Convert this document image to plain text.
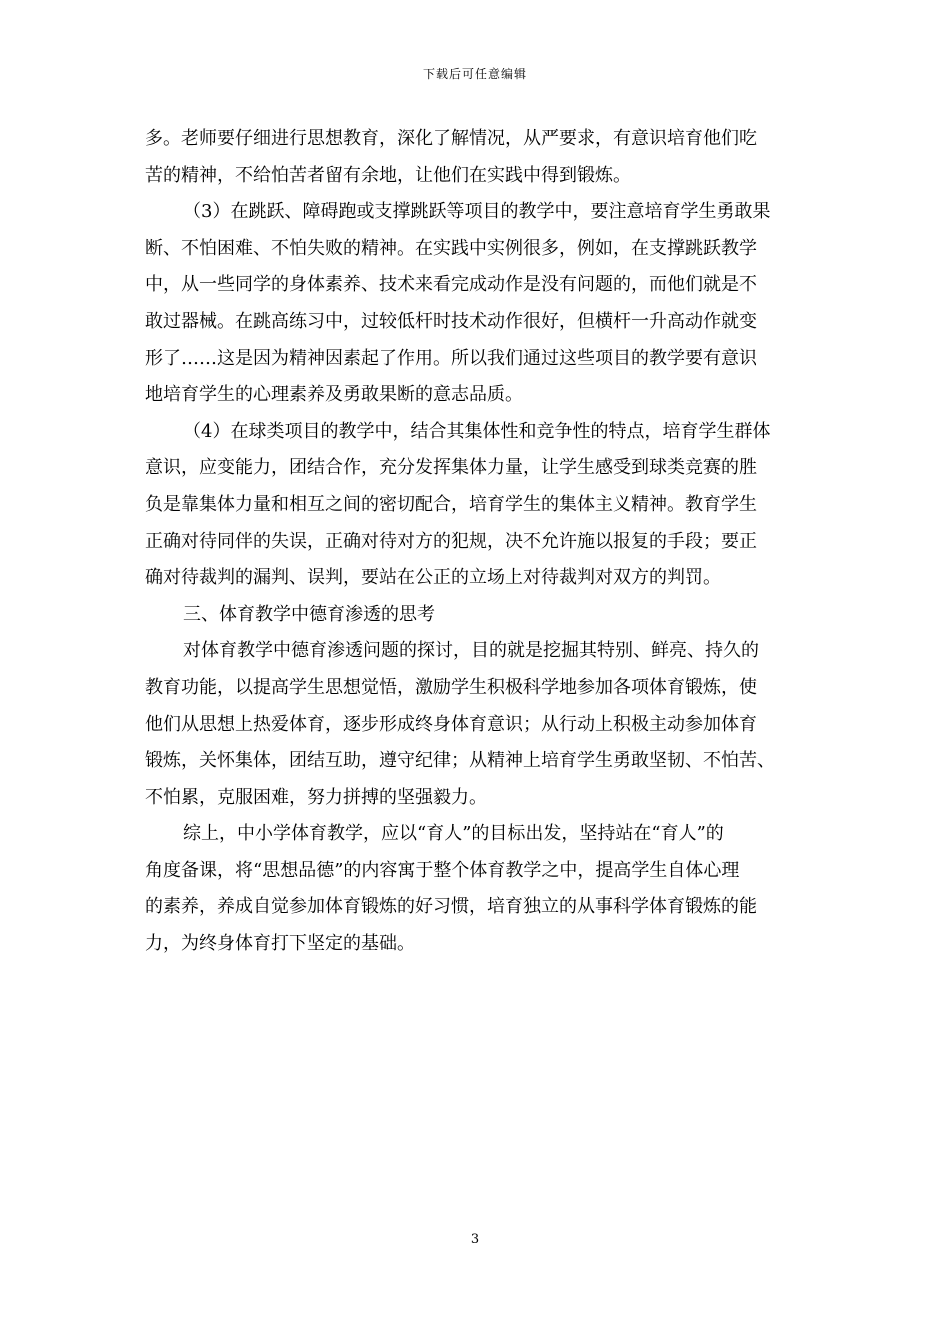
下载后可任意编辑
多。老师要仔细进行思想教育，深化了解情况，从严要求，有意识培育他们吃
苦的精神，不给怕苦者留有余地，让他们在实践中得到锻炼。
（3）在跳跃、障碍跑或支撑跳跃等项目的教学中，要注意培育学生勇敢果
断、不怕困难、不怕失败的精神。在实践中实例很多，例如，在支撑跳跃教学
中，从一些同学的身体素养、技术来看完成动作是没有问题的，而他们就是不
敢过器械。在跳高练习中，过较低杆时技术动作很好，但横杆一升高动作就变
形了……这是因为精神因素起了作用。所以我们通过这些项目的教学要有意识
地培育学生的心理素养及勇敢果断的意志品质。
（4）在球类项目的教学中，结合其集体性和竞争性的特点，培育学生群体
意识，应变能力，团结合作，充分发挥集体力量，让学生感受到球类竞赛的胜
负是靠集体力量和相互之间的密切配合，培育学生的集体主义精神。教育学生
正确对待同伴的失误，正确对待对方的犯规，决不允许施以报复的手段；要正
确对待裁判的漏判、误判，要站在公正的立场上对待裁判对双方的判罚。
三、体育教学中德育渗透的思考
对体育教学中德育渗透问题的探讨，目的就是挖掘其特别、鲜亮、持久的
教育功能，以提高学生思想觉悟，激励学生积极科学地参加各项体育锻炼，使
他们从思想上热爱体育，逐步形成终身体育意识；从行动上积极主动参加体育
锻炼，关怀集体，团结互助，遵守纪律；从精神上培育学生勇敢坚韧、不怕苦、
不怕累，克服困难，努力拼搏的坚强毅力。
综上，中小学体育教学，应以“育人”的目标出发，坚持站在“育人”的
角度备课，将“思想品德”的内容寓于整个体育教学之中，提高学生自体心理
的素养，养成自觉参加体育锻炼的好习惯，培育独立的从事科学体育锻炼的能
力，为终身体育打下坚定的基础。
3
